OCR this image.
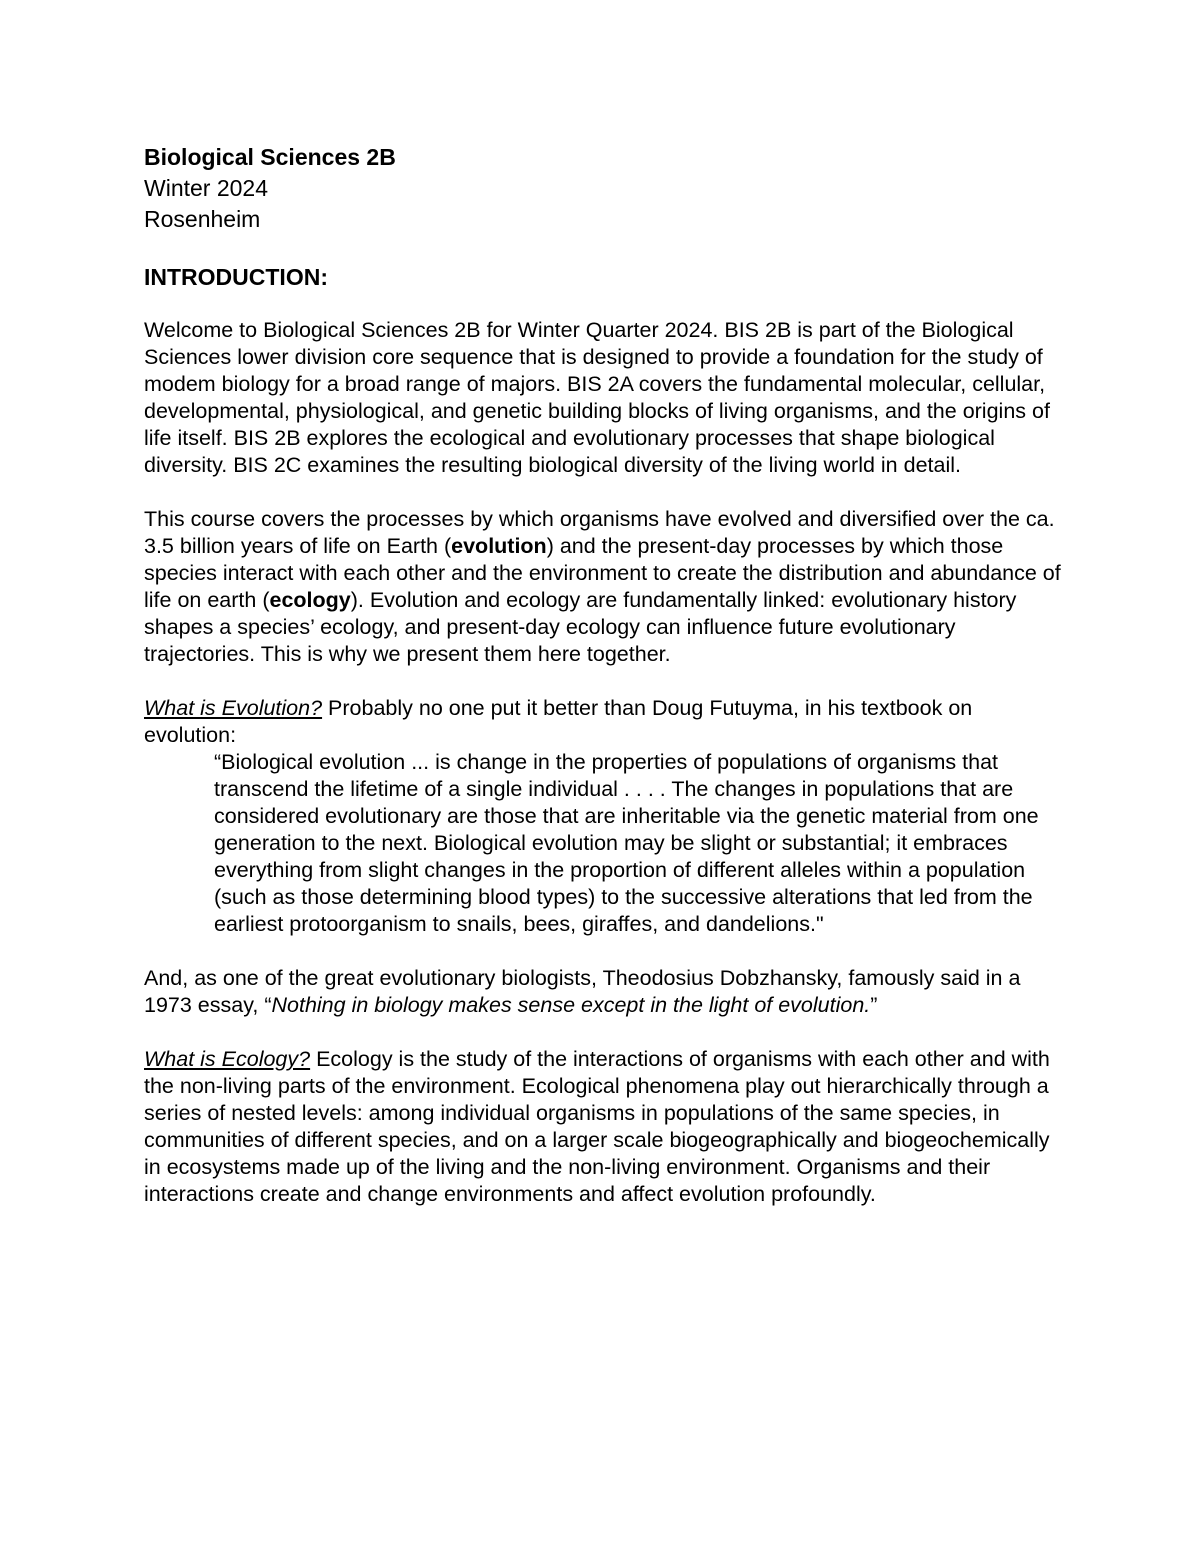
Biological Sciences 2B
Winter 2024
Rosenheim
INTRODUCTION:

Welcome to Biological Sciences 2B for Winter Quarter 2024. BIS 2B is part of the Biological Sciences lower division core sequence that is designed to provide a foundation for the study of modem biology for a broad range of majors. BIS 2A covers the fundamental molecular, cellular, developmental, physiological, and genetic building blocks of living organisms, and the origins of life itself. BIS 2B explores the ecological and evolutionary processes that shape biological diversity. BIS 2C examines the resulting biological diversity of the living world in detail.

This course covers the processes by which organisms have evolved and diversified over the ca. 3.5 billion years of life on Earth (evolution) and the present-day processes by which those species interact with each other and the environment to create the distribution and abundance of life on earth (ecology). Evolution and ecology are fundamentally linked: evolutionary history shapes a species’ ecology, and present-day ecology can influence future evolutionary trajectories. This is why we present them here together.

What is Evolution? Probably no one put it better than Doug Futuyma, in his textbook on evolution:

“Biological evolution ... is change in the properties of populations of organisms that transcend the lifetime of a single individual . . . . The changes in populations that are considered evolutionary are those that are inheritable via the genetic material from one generation to the next. Biological evolution may be slight or substantial; it embraces everything from slight changes in the proportion of different alleles within a population (such as those determining blood types) to the successive alterations that led from the earliest protoorganism to snails, bees, giraffes, and dandelions."

And, as one of the great evolutionary biologists, Theodosius Dobzhansky, famously said in a 1973 essay, “Nothing in biology makes sense except in the light of evolution.”

What is Ecology? Ecology is the study of the interactions of organisms with each other and with the non-living parts of the environment. Ecological phenomena play out hierarchically through a series of nested levels: among individual organisms in populations of the same species, in communities of different species, and on a larger scale biogeographically and biogeochemically in ecosystems made up of the living and the non-living environment. Organisms and their interactions create and change environments and affect evolution profoundly.
